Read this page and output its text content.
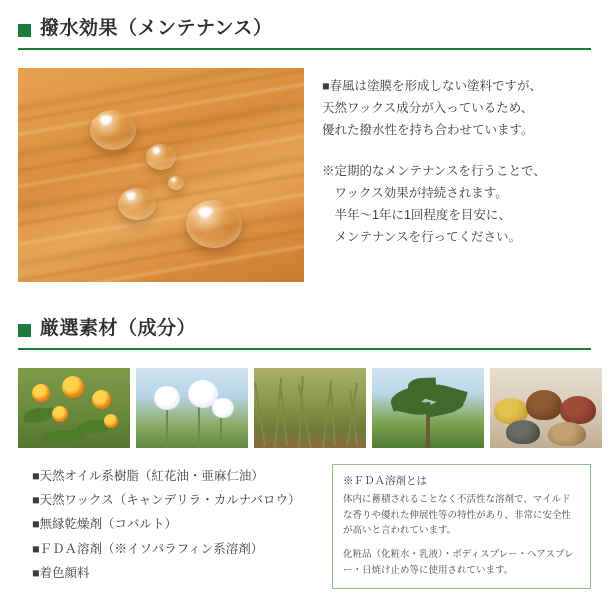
撥水効果（メンテナンス）
■春風は塗膜を形成しない塗料ですが、
天然ワックス成分が入っているため、
優れた撥水性を持ち合わせています。
※定期的なメンテナンスを行うことで、
　ワックス効果が持続されます。
　半年～1年に1回程度を目安に、
　メンテナンスを行ってください。
厳選素材（成分）
■天然オイル系樹脂（紅花油・亜麻仁油）
■天然ワックス（キャンデリラ・カルナバロウ）
■無縁乾燥剤（コバルト）
■ＦＤＡ溶剤（※イソパラフィン系溶剤）
■着色顔料
※ＦＤＡ溶剤とは
体内に蓄積されることなく不活性な溶剤で、マイルドな香りや優れた伸展性等の特性があり、非常に安全性が高いと言われています。
化粧品（化粧水・乳液）・ボディスプレー・ヘアスプレー・日焼け止め等に使用されています。
